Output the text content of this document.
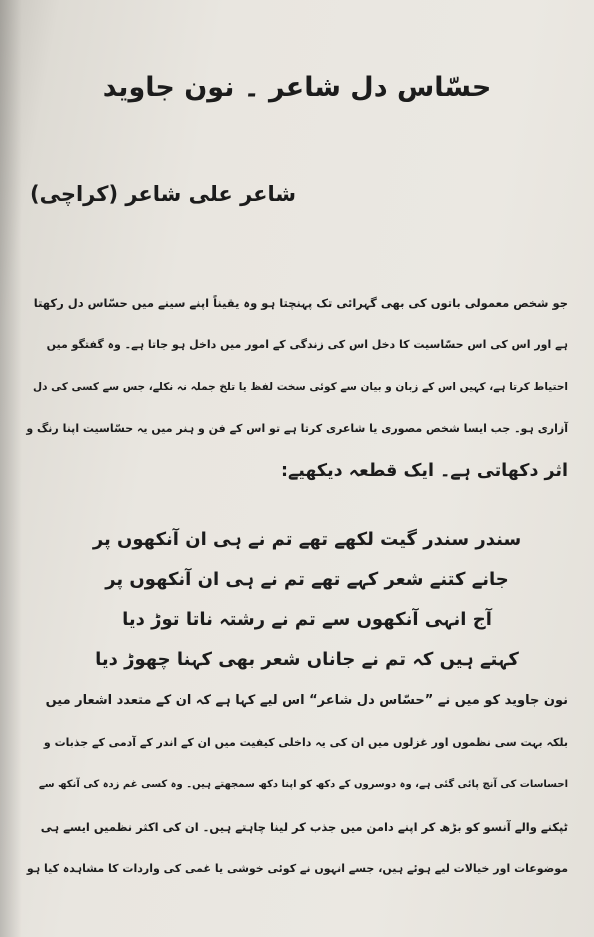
حسّاس دل شاعر ۔ نون جاوید
شاعر علی شاعر (کراچی)

جو شخص معمولی باتوں کی بھی گہرائی تک پہنچتا ہو وہ یقیناً اپنے سینے میں حسّاس دل رکھتا
ہے اور اس کی اس حسّاسیت کا دخل اس کی زندگی کے امور میں داخل ہو جاتا ہے۔ وہ گفتگو میں
احتیاط کرتا ہے، کہیں اس کے زبان و بیان سے کوئی سخت لفظ یا تلخ جملہ نہ نکلے، جس سے کسی کی دل
آزاری ہو۔ جب ایسا شخص مصوری یا شاعری کرتا ہے تو اس کے فن و ہنر میں یہ حسّاسیت اپنا رنگ و
اثر دکھاتی ہے۔ ایک قطعہ دیکھیے:

سندر سندر گیت لکھے تھے تم نے ہی ان آنکھوں پر
جانے کتنے شعر کہے تھے تم نے ہی ان آنکھوں پر
آج انہی آنکھوں سے تم نے رشتہ ناتا توڑ دیا
کہتے ہیں کہ تم نے جاناں شعر بھی کہنا چھوڑ دیا

نون جاوید کو میں نے ”حسّاس دل شاعر“ اس لیے کہا ہے کہ ان کے متعدد اشعار میں
بلکہ بہت سی نظموں اور غزلوں میں ان کی یہ داخلی کیفیت میں ان کے اندر کے آدمی کے جذبات و
احساسات کی آنچ پائی گئی ہے، وہ دوسروں کے دکھ کو اپنا دکھ سمجھتے ہیں۔ وہ کسی غم زدہ کی آنکھ سے
ٹپکنے والے آنسو کو بڑھ کر اپنے دامن میں جذب کر لینا چاہتے ہیں۔ ان کی اکثر نظمیں ایسے ہی
موضوعات اور خیالات لیے ہوئے ہیں، جسے انہوں نے کوئی خوشی یا غمی کی واردات کا مشاہدہ کیا ہو
